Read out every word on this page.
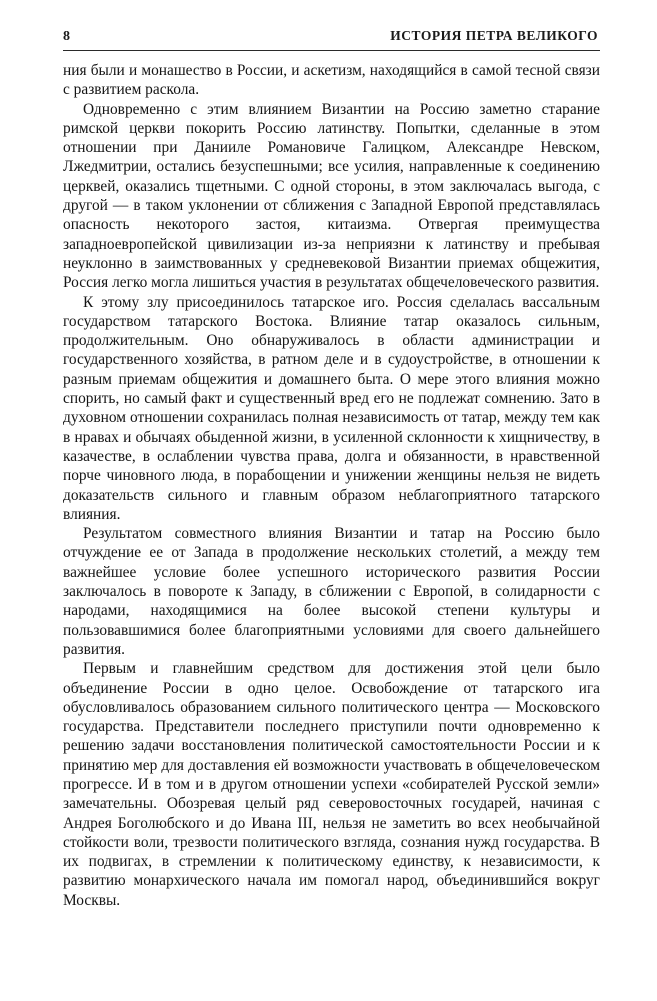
8	ИСТОРИЯ ПЕТРА ВЕЛИКОГО

ния были и монашество в России, и аскетизм, находящийся в самой тесной связи с развитием раскола.

Одновременно с этим влиянием Византии на Россию заметно старание римской церкви покорить Россию латинству. Попытки, сделанные в этом отношении при Данииле Романовиче Галицком, Александре Невском, Лжедмитрии, остались безуспешными; все усилия, направленные к соединению церквей, оказались тщетными. С одной стороны, в этом заключалась выгода, с другой — в таком уклонении от сближения с Западной Европой представлялась опасность некоторого застоя, китаизма. Отвергая преимущества западноевропейской цивилизации из-за неприязни к латинству и пребывая неуклонно в заимствованных у средневековой Византии приемах общежития, Россия легко могла лишиться участия в результатах общечеловеческого развития.

К этому злу присоединилось татарское иго. Россия сделалась вассальным государством татарского Востока. Влияние татар оказалось сильным, продолжительным. Оно обнаруживалось в области администрации и государственного хозяйства, в ратном деле и в судоустройстве, в отношении к разным приемам общежития и домашнего быта. О мере этого влияния можно спорить, но самый факт и существенный вред его не подлежат сомнению. Зато в духовном отношении сохранилась полная независимость от татар, между тем как в нравах и обычаях обыденной жизни, в усиленной склонности к хищничеству, в казачестве, в ослаблении чувства права, долга и обязанности, в нравственной порче чиновного люда, в порабощении и унижении женщины нельзя не видеть доказательств сильного и главным образом неблагоприятного татарского влияния.

Результатом совместного влияния Византии и татар на Россию было отчуждение ее от Запада в продолжение нескольких столетий, а между тем важнейшее условие более успешного исторического развития России заключалось в повороте к Западу, в сближении с Европой, в солидарности с народами, находящимися на более высокой степени культуры и пользовавшимися более благоприятными условиями для своего дальнейшего развития.

Первым и главнейшим средством для достижения этой цели было объединение России в одно целое. Освобождение от татарского ига обусловливалось образованием сильного политического центра — Московского государства. Представители последнего приступили почти одновременно к решению задачи восстановления политической самостоятельности России и к принятию мер для доставления ей возможности участвовать в общечеловеческом прогрессе. И в том и в другом отношении успехи «собирателей Русской земли» замечательны. Обозревая целый ряд северовосточных государей, начиная с Андрея Боголюбского и до Ивана III, нельзя не заметить во всех необычайной стойкости воли, трезвости политического взгляда, сознания нужд государства. В их подвигах, в стремлении к политическому единству, к независимости, к развитию монархического начала им помогал народ, объединившийся вокруг Москвы.
